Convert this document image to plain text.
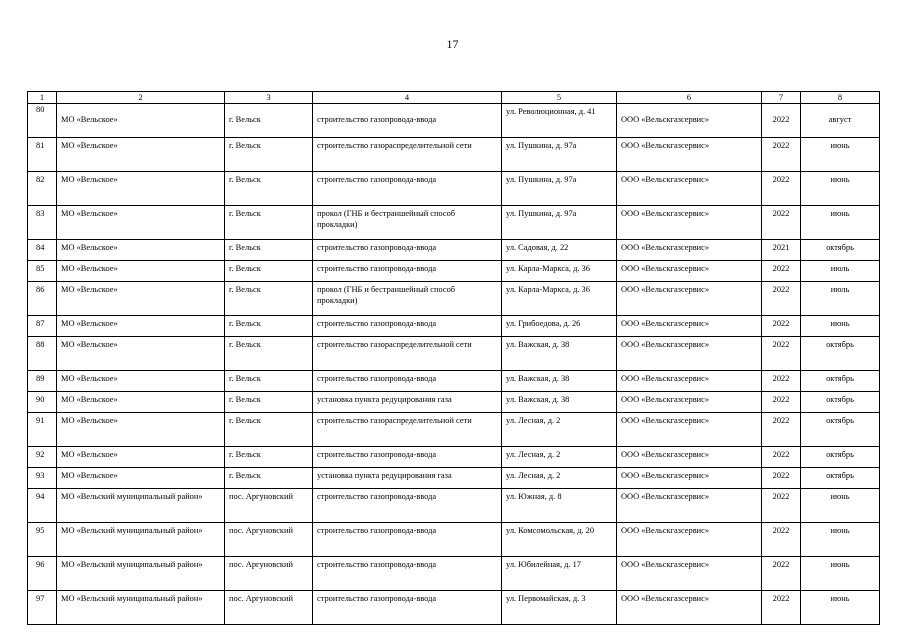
17
1	2	3	4	5	6	7	8
80	МО «Вельское»	г. Вельск	строительство газопровода-ввода	ул. Революционная, д. 41	ООО «Вельскгазсервис»	2022	август
81	МО «Вельское»	г. Вельск	строительство газораспределительной сети	ул. Пушкина, д. 97а	ООО «Вельскгазсервис»	2022	июнь
82	МО «Вельское»	г. Вельск	строительство газопровода-ввода	ул. Пушкина, д. 97а	ООО «Вельскгазсервис»	2022	июнь
83	МО «Вельское»	г. Вельск	прокол (ГНБ и бестраншейный способ прокладки)	ул. Пушкина, д. 97а	ООО «Вельскгазсервис»	2022	июнь
84	МО «Вельское»	г. Вельск	строительство газопровода-ввода	ул. Садовая, д. 22	ООО «Вельскгазсервис»	2021	октябрь
85	МО «Вельское»	г. Вельск	строительство газопровода-ввода	ул. Карла-Маркса, д. 36	ООО «Вельскгазсервис»	2022	июль
86	МО «Вельское»	г. Вельск	прокол (ГНБ и бестраншейный способ прокладки)	ул. Карла-Маркса, д. 36	ООО «Вельскгазсервис»	2022	июль
87	МО «Вельское»	г. Вельск	строительство газопровода-ввода	ул. Грибоедова, д. 26	ООО «Вельскгазсервис»	2022	июнь
88	МО «Вельское»	г. Вельск	строительство газораспределительной сети	ул. Важская, д. 38	ООО «Вельскгазсервис»	2022	октябрь
89	МО «Вельское»	г. Вельск	строительство газопровода-ввода	ул. Важская, д. 38	ООО «Вельскгазсервис»	2022	октябрь
90	МО «Вельское»	г. Вельск	установка пункта редуцирования газа	ул. Важская, д. 38	ООО «Вельскгазсервис»	2022	октябрь
91	МО «Вельское»	г. Вельск	строительство газораспределительной сети	ул. Лесная, д. 2	ООО «Вельскгазсервис»	2022	октябрь
92	МО «Вельское»	г. Вельск	строительство газопровода-ввода	ул. Лесная, д. 2	ООО «Вельскгазсервис»	2022	октябрь
93	МО «Вельское»	г. Вельск	установка пункта редуцирования газа	ул. Лесная, д. 2	ООО «Вельскгазсервис»	2022	октябрь
94	МО «Вельский муниципальный район»	пос. Аргуновский	строительство газопровода-ввода	ул. Южная, д. 8	ООО «Вельскгазсервис»	2022	июнь
95	МО «Вельский муниципальный район»	пос. Аргуновский	строительство газопровода-ввода	ул. Комсомольская, д. 20	ООО «Вельскгазсервис»	2022	июнь
96	МО «Вельский муниципальный район»	пос. Аргуновский	строительство газопровода-ввода	ул. Юбилейная, д. 17	ООО «Вельскгазсервис»	2022	июнь
97	МО «Вельский муниципальный район»	пос. Аргуновский	строительство газопровода-ввода	ул. Первомайская, д. 3	ООО «Вельскгазсервис»	2022	июнь
